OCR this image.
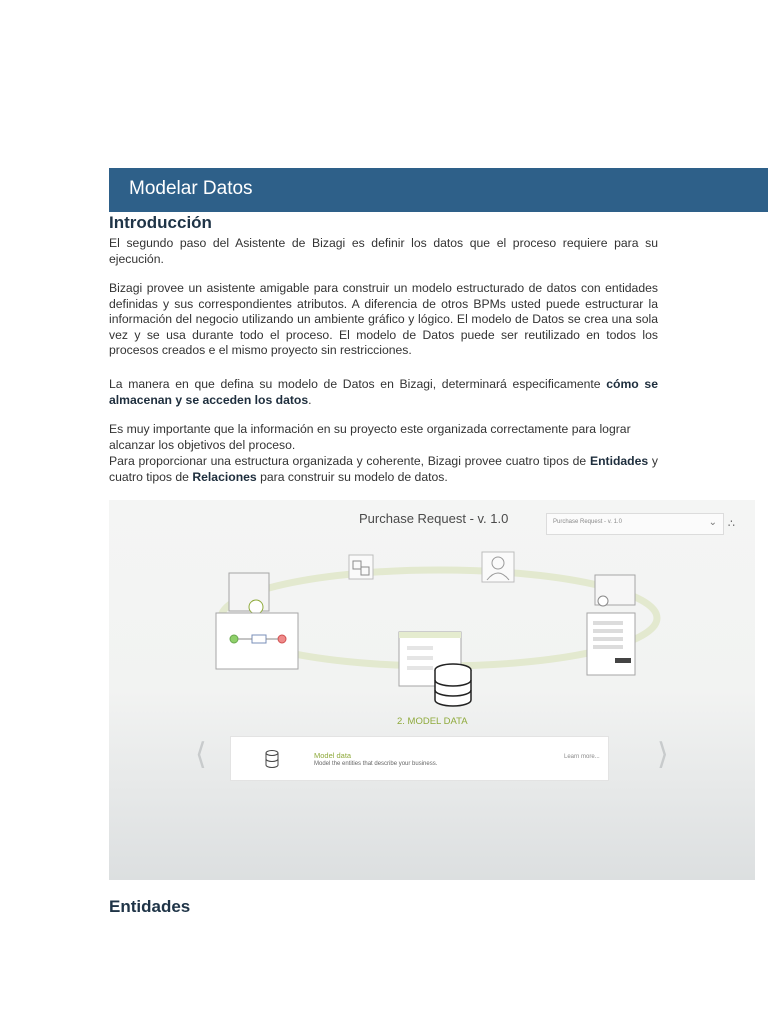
Modelar Datos
Introducción

El segundo paso del Asistente de Bizagi es definir los datos que el proceso requiere para su ejecución.

Bizagi provee un asistente amigable para construir un modelo estructurado de datos con entidades definidas y sus correspondientes atributos. A diferencia de otros BPMs usted puede estructurar la información del negocio utilizando un ambiente gráfico y lógico. El modelo de Datos se crea una sola vez y se usa durante todo el proceso. El modelo de Datos puede ser reutilizado en todos los procesos creados e el mismo proyecto sin restricciones.

La manera en que defina su modelo de Datos en Bizagi, determinará especificamente cómo se almacenan y se acceden los datos.

Es muy importante que la información en su proyecto este organizada correctamente para lograr alcanzar los objetivos del proceso.

Para proporcionar una estructura organizada y coherente, Bizagi provee cuatro tipos de Entidades y cuatro tipos de Relaciones para construir su modelo de datos.

Purchase Request - v. 1.0	Purchase Request - v. 1.0	⌄ ∴
2. MODEL DATA
⟨	⟩
Model data
Model the entities that describe your business.
Learn more...
Entidades
